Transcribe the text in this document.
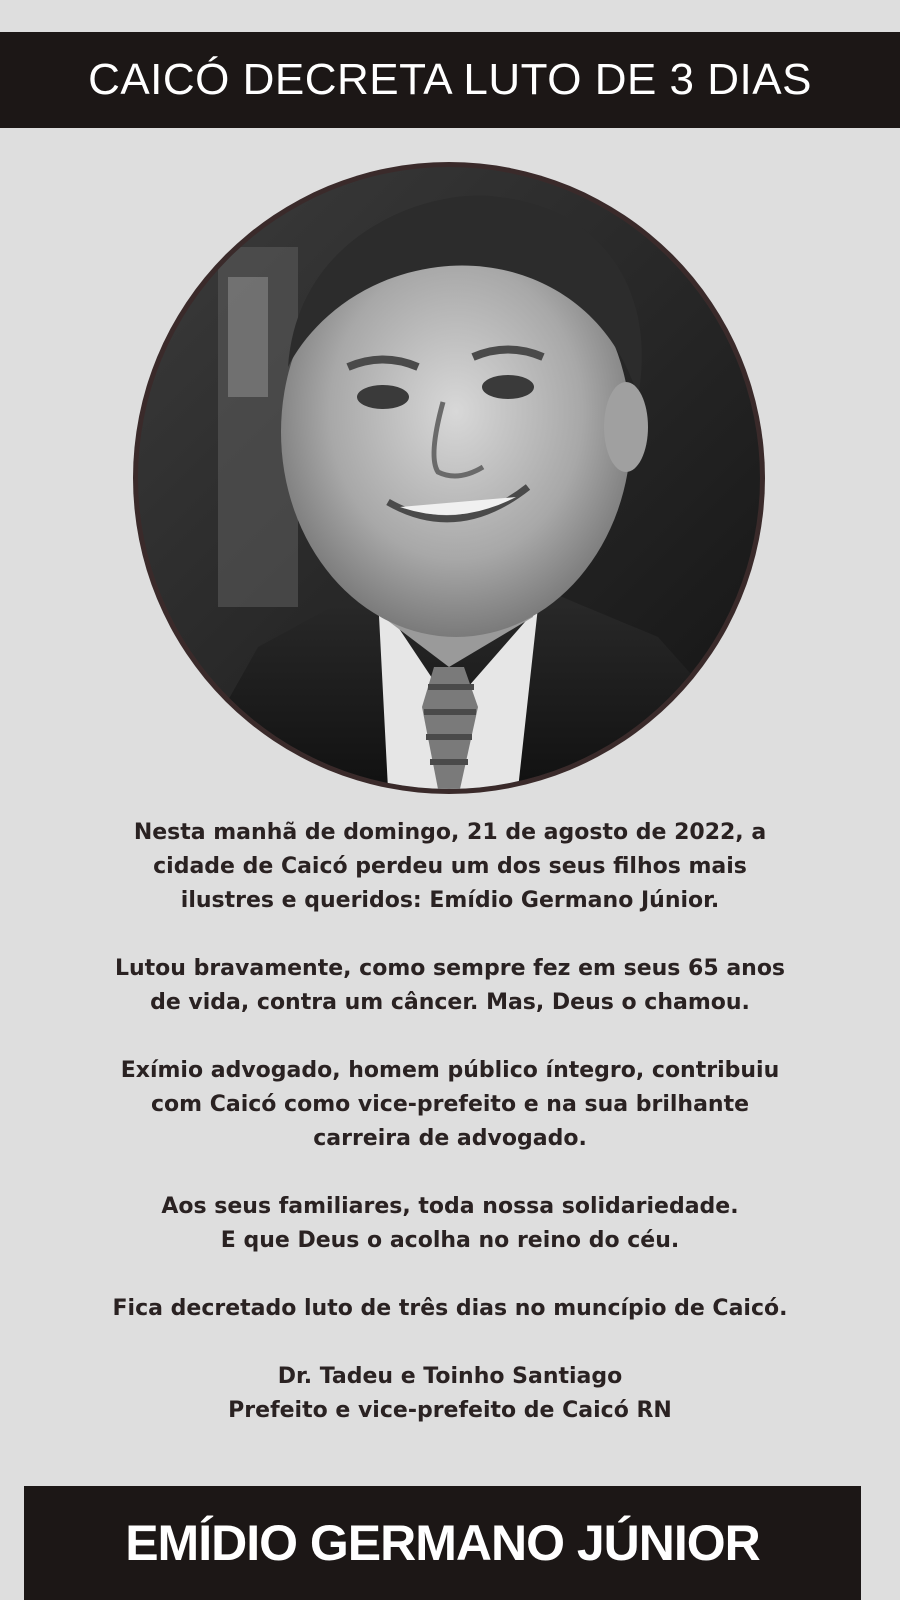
CAICÓ DECRETA LUTO DE 3 DIAS

Nesta manhã de domingo, 21 de agosto de 2022, a
cidade de Caicó perdeu um dos seus filhos mais
ilustres e queridos: Emídio Germano Júnior.

Lutou bravamente, como sempre fez em seus 65 anos
de vida, contra um câncer. Mas, Deus o chamou.

Exímio advogado, homem público íntegro, contribuiu
com Caicó como vice-prefeito e na sua brilhante
carreira de advogado.

Aos seus familiares, toda nossa solidariedade.
E que Deus o acolha no reino do céu.

Fica decretado luto de três dias no muncípio de Caicó.

Dr. Tadeu e Toinho Santiago
Prefeito e vice-prefeito de Caicó RN

EMÍDIO GERMANO JÚNIOR
